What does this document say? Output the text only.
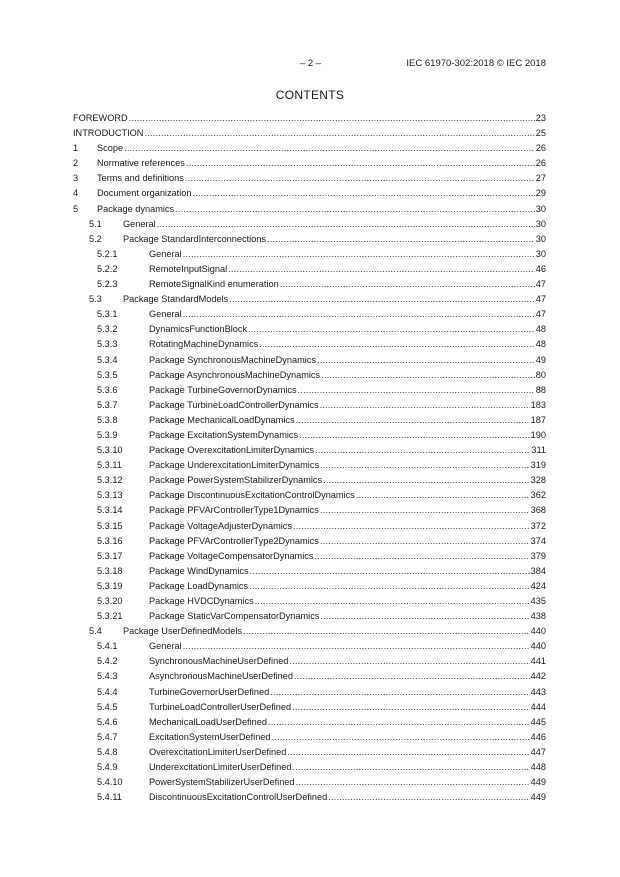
– 2 –	IEC 61970-302:2018 © IEC 2018
CONTENTS
FOREWORD .....	23
INTRODUCTION .....	25
1	Scope .....	26
2	Normative references .....	26
3	Terms and definitions .....	27
4	Document organization .....	29
5	Package dynamics .....	30
5.1	General .....	30
5.2	Package StandardInterconnections .....	30
5.2.1	General .....	30
5.2.2	RemoteInputSignal .....	46
5.2.3	RemoteSignalKind enumeration .....	47
5.3	Package StandardModels .....	47
5.3.1	General .....	47
5.3.2	DynamicsFunctionBlock .....	48
5.3.3	RotatingMachineDynamics .....	48
5.3.4	Package SynchronousMachineDynamics .....	49
5.3.5	Package AsynchronousMachineDynamics .....	80
5.3.6	Package TurbineGovernorDynamics .....	88
5.3.7	Package TurbineLoadControllerDynamics .....	183
5.3.8	Package MechanicalLoadDynamics .....	187
5.3.9	Package ExcitationSystemDynamics .....	190
5.3.10	Package OverexcitationLimiterDynamics .....	311
5.3.11	Package UnderexcitationLimiterDynamics .....	319
5.3.12	Package PowerSystemStabilizerDynamics .....	328
5.3.13	Package DiscontinuousExcitationControlDynamics .....	362
5.3.14	Package PFVArControllerType1Dynamics .....	368
5.3.15	Package VoltageAdjusterDynamics .....	372
5.3.16	Package PFVArControllerType2Dynamics .....	374
5.3.17	Package VoltageCompensatorDynamics .....	379
5.3.18	Package WindDynamics .....	384
5.3.19	Package LoadDynamics .....	424
5.3.20	Package HVDCDynamics .....	435
5.3.21	Package StaticVarCompensatorDynamics .....	438
5.4	Package UserDefinedModels .....	440
5.4.1	General .....	440
5.4.2	SynchronousMachineUserDefined .....	441
5.4.3	AsynchronousMachineUserDefined .....	442
5.4.4	TurbineGovernorUserDefined .....	443
5.4.5	TurbineLoadControllerUserDefined .....	444
5.4.6	MechanicalLoadUserDefined .....	445
5.4.7	ExcitationSystemUserDefined .....	446
5.4.8	OverexcitationLimiterUserDefined .....	447
5.4.9	UnderexcitationLimiterUserDefined .....	448
5.4.10	PowerSystemStabilizerUserDefined .....	449
5.4.11	DiscontinuousExcitationControlUserDefined .....	449
